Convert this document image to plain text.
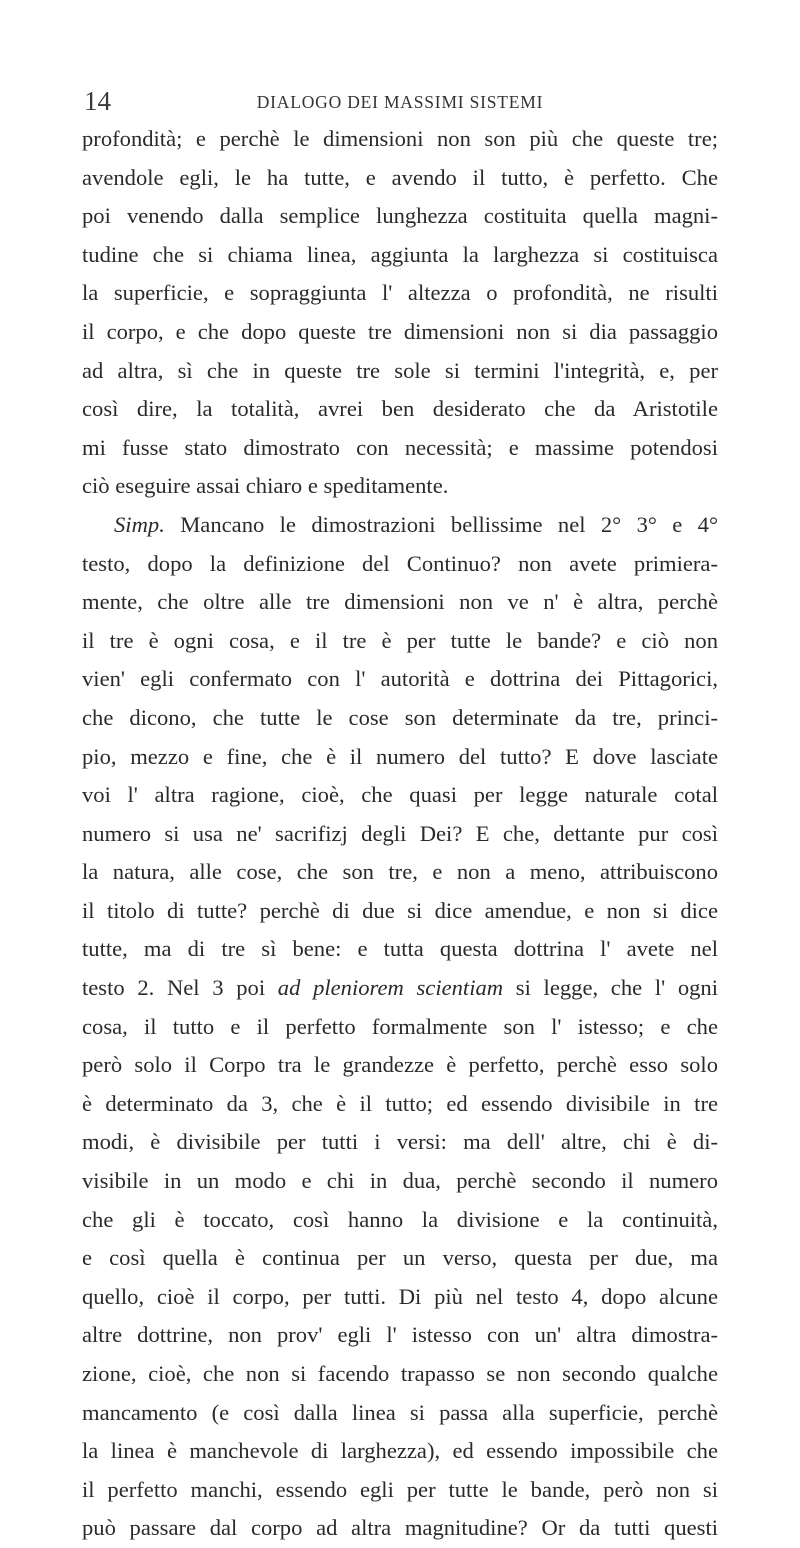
14	DIALOGO DEI MASSIMI SISTEMI
profondità; e perchè le dimensioni non son più che queste tre;
avendole egli, le ha tutte, e avendo il tutto, è perfetto. Che
poi venendo dalla semplice lunghezza costituita quella magni-
tudine che si chiama linea, aggiunta la larghezza si costituisca
la superficie, e sopraggiunta l' altezza o profondità, ne risulti
il corpo, e che dopo queste tre dimensioni non si dia passaggio
ad altra, sì che in queste tre sole si termini l'integrità, e, per
così dire, la totalità, avrei ben desiderato che da Aristotile
mi fusse stato dimostrato con necessità; e massime potendosi
ciò eseguire assai chiaro e speditamente.
Simp. Mancano le dimostrazioni bellissime nel 2° 3° e 4°
testo, dopo la definizione del Continuo? non avete primiera-
mente, che oltre alle tre dimensioni non ve n' è altra, perchè
il tre è ogni cosa, e il tre è per tutte le bande? e ciò non
vien' egli confermato con l' autorità e dottrina dei Pittagorici,
che dicono, che tutte le cose son determinate da tre, princi-
pio, mezzo e fine, che è il numero del tutto? E dove lasciate
voi l' altra ragione, cioè, che quasi per legge naturale cotal
numero si usa ne' sacrifizj degli Dei? E che, dettante pur così
la natura, alle cose, che son tre, e non a meno, attribuiscono
il titolo di tutte? perchè di due si dice amendue, e non si dice
tutte, ma di tre sì bene: e tutta questa dottrina l' avete nel
testo 2. Nel 3 poi ad pleniorem scientiam si legge, che l' ogni
cosa, il tutto e il perfetto formalmente son l' istesso; e che
però solo il Corpo tra le grandezze è perfetto, perchè esso solo
è determinato da 3, che è il tutto; ed essendo divisibile in tre
modi, è divisibile per tutti i versi: ma dell' altre, chi è di-
visibile in un modo e chi in dua, perchè secondo il numero
che gli è toccato, così hanno la divisione e la continuità,
e così quella è continua per un verso, questa per due, ma
quello, cioè il corpo, per tutti. Di più nel testo 4, dopo alcune
altre dottrine, non prov' egli l' istesso con un' altra dimostra-
zione, cioè, che non si facendo trapasso se non secondo qualche
mancamento (e così dalla linea si passa alla superficie, perchè
la linea è manchevole di larghezza), ed essendo impossibile che
il perfetto manchi, essendo egli per tutte le bande, però non si
può passare dal corpo ad altra magnitudine? Or da tutti questi
